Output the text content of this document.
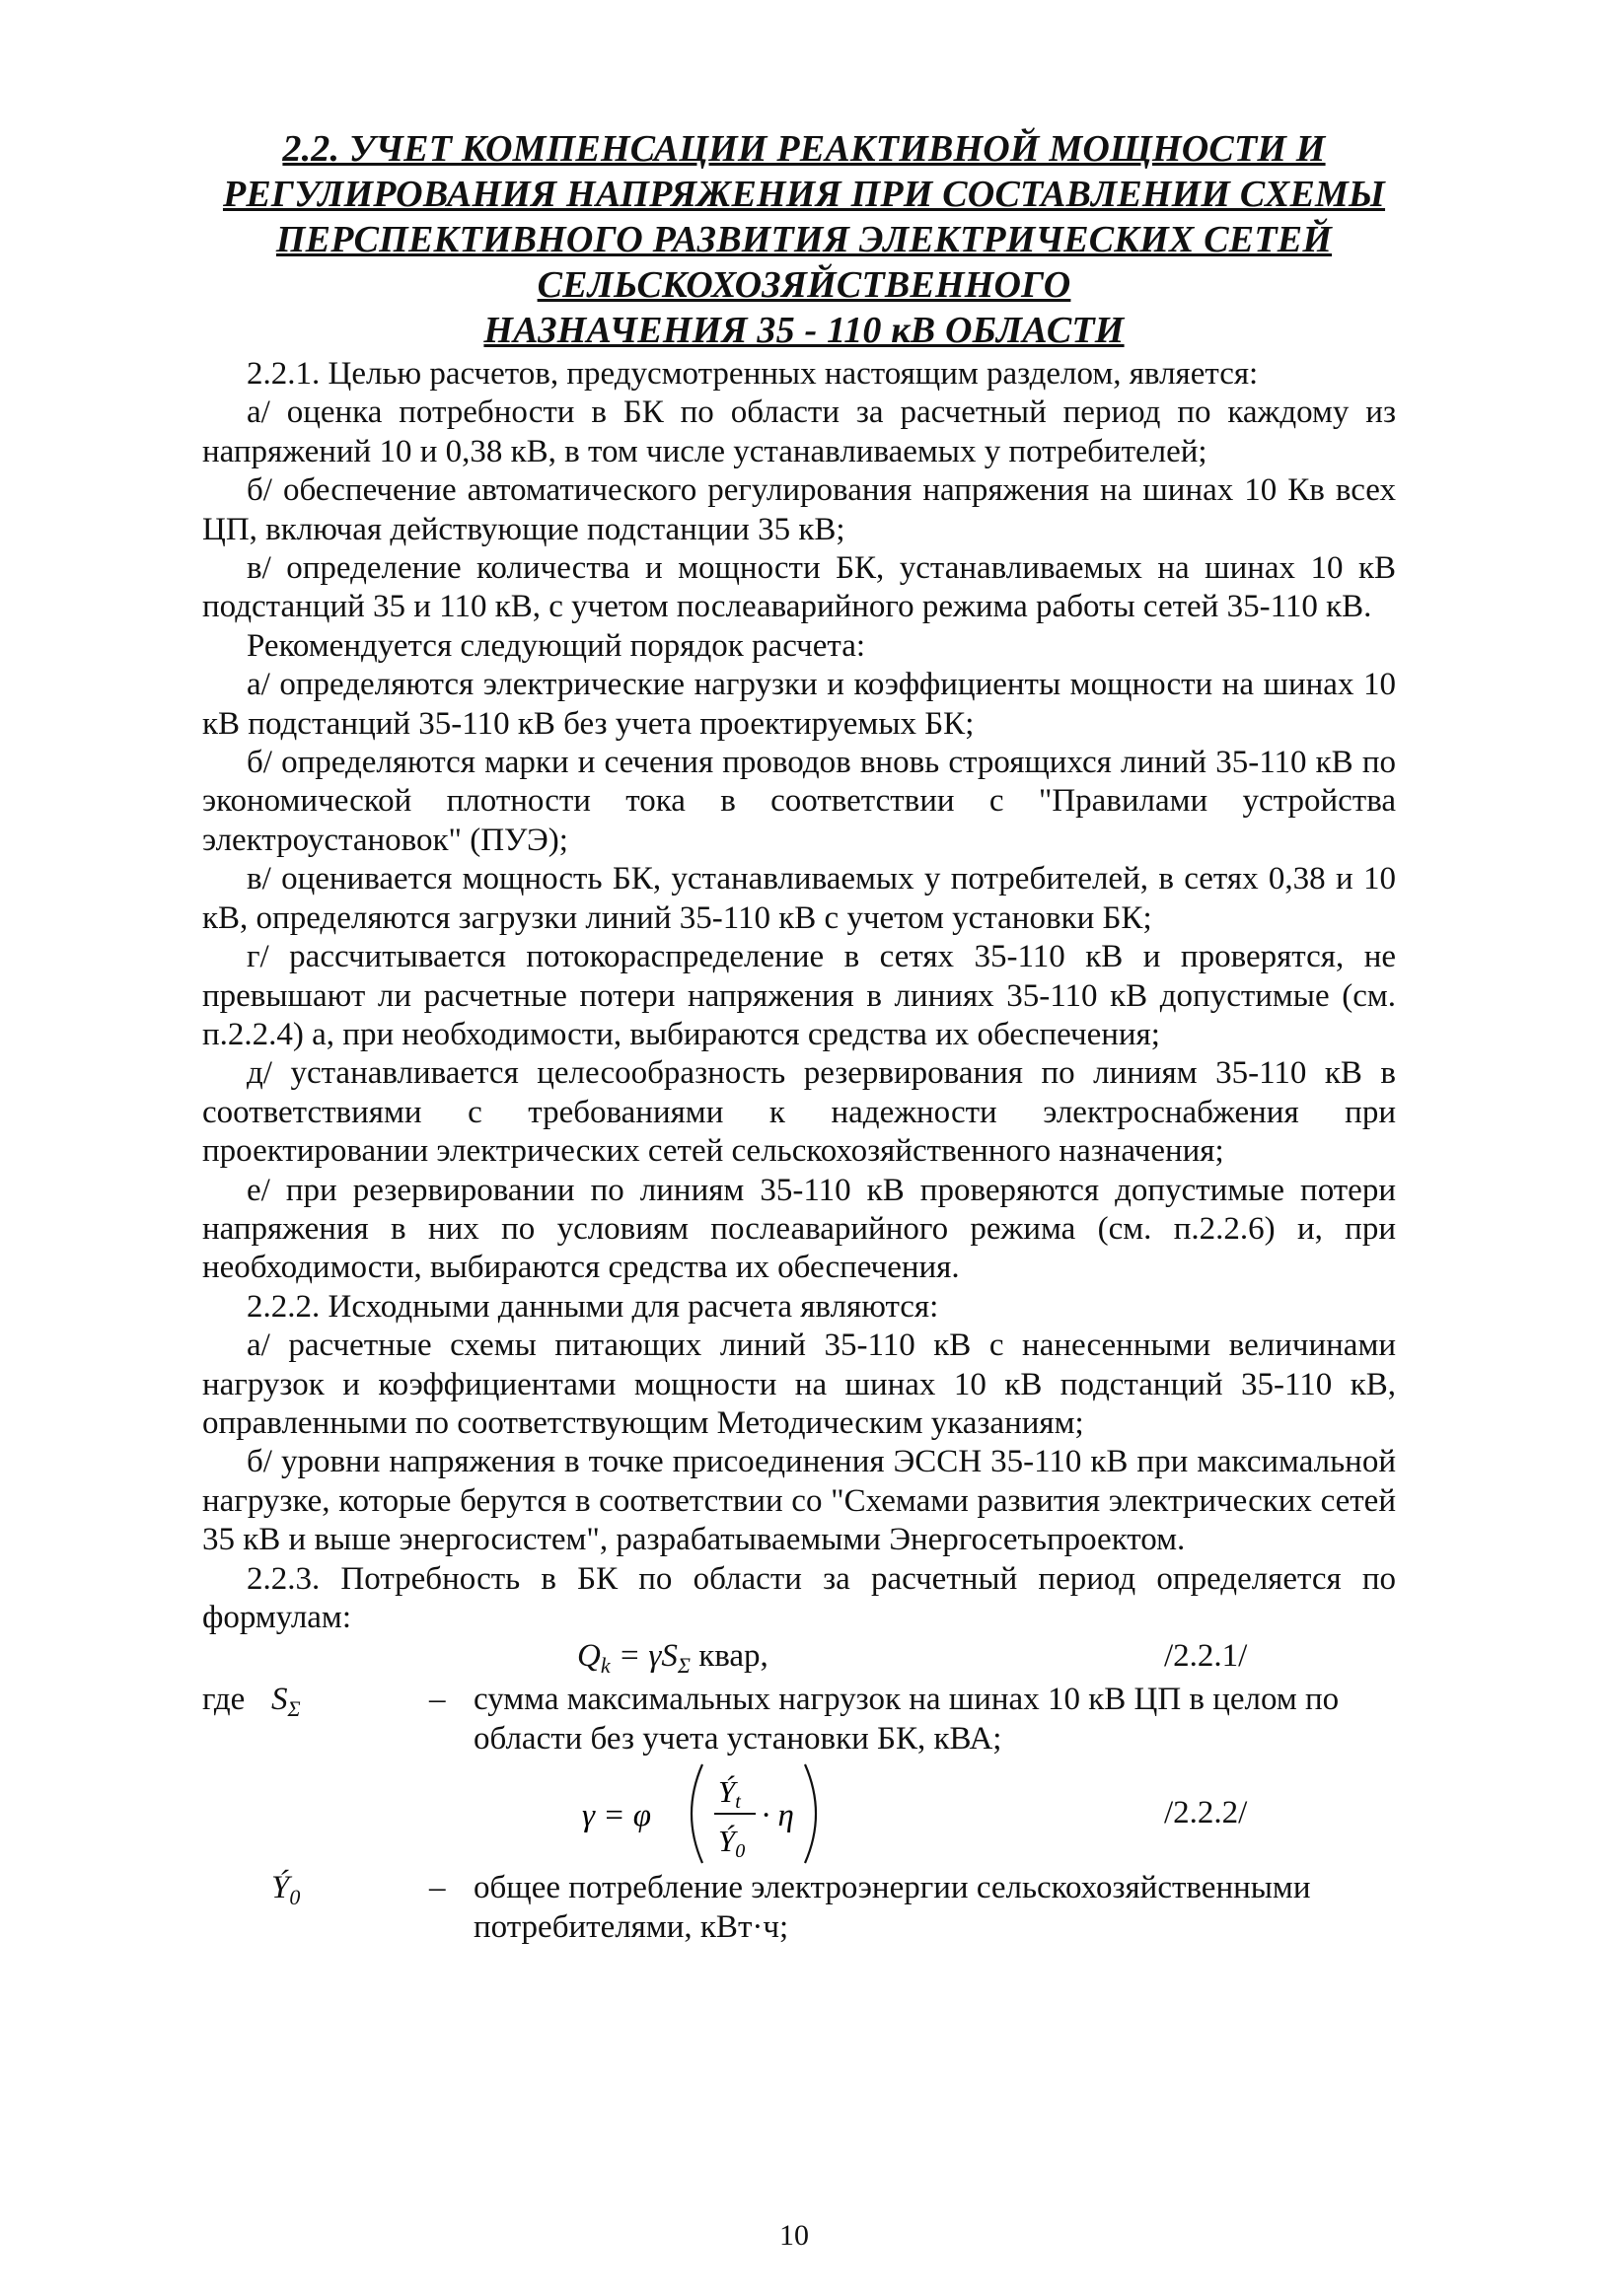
2.2. УЧЕТ КОМПЕНСАЦИИ РЕАКТИВНОЙ МОЩНОСТИ И
РЕГУЛИРОВАНИЯ НАПРЯЖЕНИЯ ПРИ СОСТАВЛЕНИИ СХЕМЫ
ПЕРСПЕКТИВНОГО РАЗВИТИЯ ЭЛЕКТРИЧЕСКИХ СЕТЕЙ
СЕЛЬСКОХОЗЯЙСТВЕННОГО
НАЗНАЧЕНИЯ 35 - 110 кВ ОБЛАСТИ

2.2.1. Целью расчетов, предусмотренных настоящим разделом, является:

а/ оценка потребности в БК по области за расчетный период по каждому из напряжений 10 и 0,38 кВ, в том числе устанавливаемых у потребителей;

б/ обеспечение автоматического регулирования напряжения на шинах 10 Кв всех ЦП, включая действующие подстанции 35 кВ;

в/ определение количества и мощности БК, устанавливаемых на шинах 10 кВ подстанций 35 и 110 кВ, с учетом послеаварийного режима работы сетей 35-110 кВ.

Рекомендуется следующий порядок расчета:

а/ определяются электрические нагрузки и коэффициенты мощности на шинах 10 кВ подстанций 35-110 кВ без учета проектируемых БК;

б/ определяются марки и сечения проводов вновь строящихся линий 35-110 кВ по экономической плотности тока в соответствии с "Правилами устройства электроустановок" (ПУЭ);

в/ оценивается мощность БК, устанавливаемых у потребителей, в сетях 0,38 и 10 кВ, определяются загрузки линий 35-110 кВ с учетом установки БК;

г/ рассчитывается потокораспределение в сетях 35-110 кВ и проверятся, не превышают ли расчетные потери напряжения в линиях 35-110 кВ допустимые (см. п.2.2.4) а, при необходимости, выбираются средства их обеспечения;

д/ устанавливается целесообразность резервирования по линиям 35-110 кВ в соответствиями с требованиями к надежности электроснабжения при проектировании электрических сетей сельскохозяйственного назначения;

е/ при резервировании по линиям 35-110 кВ проверяются допустимые потери напряжения в них по условиям послеаварийного режима (см. п.2.2.6) и, при необходимости, выбираются средства их обеспечения.

2.2.2. Исходными данными для расчета являются:

а/ расчетные схемы питающих линий 35-110 кВ с нанесенными величинами нагрузок и коэффициентами мощности на шинах 10 кВ подстанций 35-110 кВ, оправленными по соответствующим Методическим указаниям;

б/ уровни напряжения в точке присоединения ЭССН 35-110 кВ при максимальной нагрузке, которые берутся в соответствии со "Схемами развития электрических сетей 35 кВ и выше энергосистем", разрабатываемыми Энергосетьпроектом.

2.2.3. Потребность в БК по области за расчетный период определяется по формулам:

$Q_k = \gamma S_\Sigma$ квар,	/2.2.1/
где $S_\Sigma$	– сумма максимальных нагрузок на шинах 10 кВ ЦП в целом по области без учета установки БК, кВА;
γ = φ
Ýt
Ý0
· η	/2.2.2/
$Ý_0$	– общее потребление электроэнергии сельскохозяйственными потребителями, кВт·ч;
10
